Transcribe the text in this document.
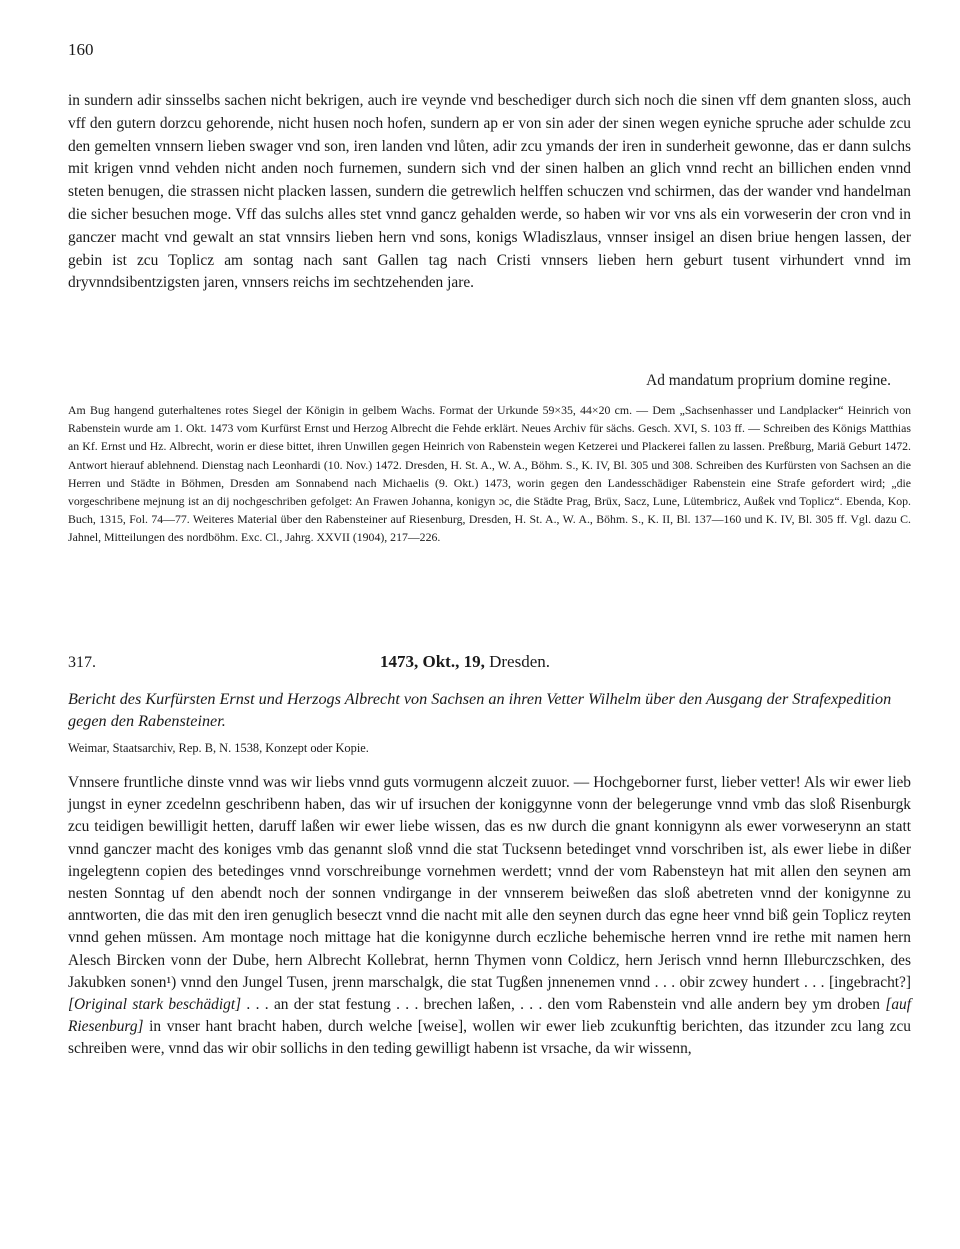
160

in sundern adir sinsselbs sachen nicht bekrigen, auch ire veynde vnd beschediger durch sich noch die sinen vff dem gnanten sloss, auch vff den gutern dorzcu gehorende, nicht husen noch hofen, sundern ap er von sin ader der sinen wegen eyniche spruche ader schulde zcu den gemelten vnnsern lieben swager vnd son, iren landen vnd lůten, adir zcu ymands der iren in sunderheit gewonne, das er dann sulchs mit krigen vnnd vehden nicht anden noch furnemen, sundern sich vnd der sinen halben an glich vnnd recht an billichen enden vnnd steten benugen, die strassen nicht placken lassen, sundern die getrewlich helffen schuczen vnd schirmen, das der wander vnd handelman die sicher besuchen moge. Vff das sulchs alles stet vnnd gancz gehalden werde, so haben wir vor vns als ein vorweserin der cron vnd in ganczer macht vnd gewalt an stat vnnsirs lieben hern vnd sons, konigs Wladiszlaus, vnnser insigel an disen briue hengen lassen, der gebin ist zcu Toplicz am sontag nach sant Gallen tag nach Cristi vnnsers lieben hern geburt tusent virhundert vnnd im dryvnndsibentzigsten jaren, vnnsers reichs im sechtzehenden jare.

Ad mandatum proprium domine regine.

Am Bug hangend guterhaltenes rotes Siegel der Königin in gelbem Wachs. Format der Urkunde 59×35, 44×20 cm. — Dem „Sachsenhasser und Landplacker“ Heinrich von Rabenstein wurde am 1. Okt. 1473 vom Kurfürst Ernst und Herzog Albrecht die Fehde erklärt. Neues Archiv für sächs. Gesch. XVI, S. 103 ff. — Schreiben des Königs Matthias an Kf. Ernst und Hz. Albrecht, worin er diese bittet, ihren Unwillen gegen Heinrich von Rabenstein wegen Ketzerei und Plackerei fallen zu lassen. Preßburg, Mariä Geburt 1472. Antwort hierauf ablehnend. Dienstag nach Leonhardi (10. Nov.) 1472. Dresden, H. St. A., W. A., Böhm. S., K. IV, Bl. 305 und 308. Schreiben des Kurfürsten von Sachsen an die Herren und Städte in Böhmen, Dresden am Sonnabend nach Michaelis (9. Okt.) 1473, worin gegen den Landesschädiger Rabenstein eine Strafe gefordert wird; „die vorgeschribene mejnung ist an dij nochgeschriben gefolget: An Frawen Johanna, konigyn ɔc, die Städte Prag, Brüx, Sacz, Lune, Lütembricz, Außek vnd Toplicz“. Ebenda, Kop. Buch, 1315, Fol. 74—77. Weiteres Material über den Rabensteiner auf Riesenburg, Dresden, H. St. A., W. A., Böhm. S., K. II, Bl. 137—160 und K. IV, Bl. 305 ff. Vgl. dazu C. Jahnel, Mitteilungen des nordböhm. Exc. Cl., Jahrg. XXVII (1904), 217—226.

317.	1473, Okt., 19, Dresden.

Bericht des Kurfürsten Ernst und Herzogs Albrecht von Sachsen an ihren Vetter Wilhelm über den Ausgang der Strafexpedition gegen den Rabensteiner.

Weimar, Staatsarchiv, Rep. B, N. 1538, Konzept oder Kopie.

Vnnsere fruntliche dinste vnnd was wir liebs vnnd guts vormugenn alczeit zuuor. — Hochgeborner furst, lieber vetter! Als wir ewer lieb jungst in eyner zcedelnn geschribenn haben, das wir uf irsuchen der koniggynne vonn der belegerunge vnnd vmb das sloß Risenburgk zcu teidigen bewilligit hetten, daruff laßen wir ewer liebe wissen, das es nw durch die gnant konnigynn als ewer vorweserynn an statt vnnd ganczer macht des koniges vmb das genannt sloß vnnd die stat Tucksenn betedinget vnnd vorschriben ist, als ewer liebe in dißer ingelegtenn copien des betedinges vnnd vorschreibunge vornehmen werdett; vnnd der vom Rabensteyn hat mit allen den seynen am nesten Sonntag uf den abendt noch der sonnen vndirgange in der vnnserem beiweßen das sloß abetreten vnnd der konigynne zu anntworten, die das mit den iren genuglich beseczt vnnd die nacht mit alle den seynen durch das egne heer vnnd biß gein Toplicz reyten vnnd gehen müssen. Am montage noch mittage hat die konigynne durch eczliche behemische herren vnnd ire rethe mit namen hern Alesch Bircken vonn der Dube, hern Albrecht Kollebrat, hernn Thymen vonn Coldicz, hern Jerisch vnnd hernn Illeburczschken, des Jakubken sonen¹) vnnd den Jungel Tusen, jrenn marschalgk, die stat Tugßen jnnenemen vnnd . . . obir zcwey hundert . . . [ingebracht?] [Original stark beschädigt] . . . an der stat festung . . . brechen laßen, . . . den vom Rabenstein vnd alle andern bey ym droben [auf Riesenburg] in vnser hant bracht haben, durch welche [weise], wollen wir ewer lieb zcukunftig berichten, das itzunder zcu lang zcu schreiben were, vnnd das wir obir sollichs in den teding gewilligt habenn ist vrsache, da wir wissenn,
